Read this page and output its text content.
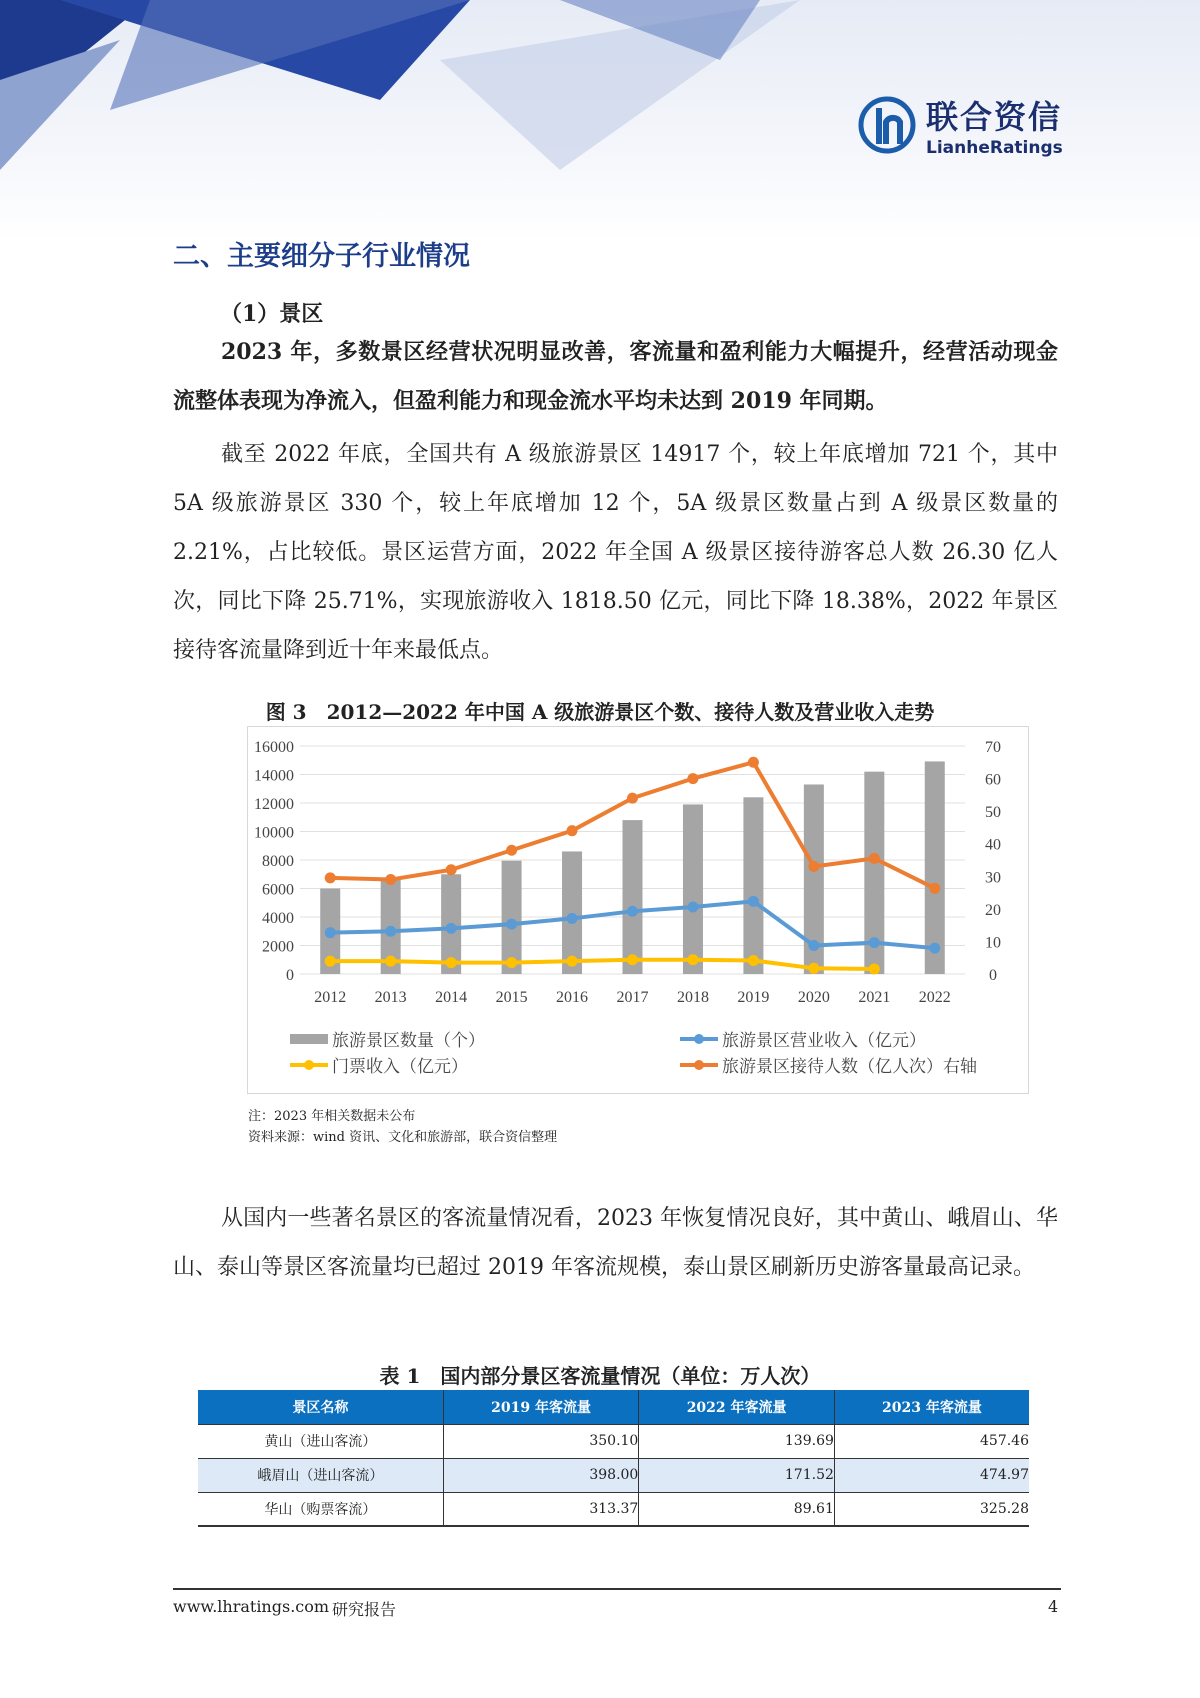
联合资信
LianheRatings
二、主要细分子行业情况
（1）景区
2023 年，多数景区经营状况明显改善，客流量和盈利能力大幅提升，经营活动现金流整体表现为净流入，但盈利能力和现金流水平均未达到 2019 年同期。
截至 2022 年底，全国共有 A 级旅游景区 14917 个，较上年底增加 721 个，其中 5A 级旅游景区 330 个，较上年底增加 12 个，5A 级景区数量占到 A 级景区数量的 2.21%，占比较低。景区运营方面，2022 年全国 A 级景区接待游客总人数 26.30 亿人次，同比下降 25.71%，实现旅游收入 1818.50 亿元，同比下降 18.38%，2022 年景区接待客流量降到近十年来最低点。
图 3　2012—2022 年中国 A 级旅游景区个数、接待人数及营业收入走势
0
2000
4000
6000
8000
10000
12000
14000
16000
0
10
20
30
40
50
60
70
2012 2013 2014 2015 2016 2017 2018 2019 2020 2021 2022
旅游景区数量（个）	旅游景区营业收入（亿元）
门票收入（亿元）	旅游景区接待人数（亿人次）右轴
注：2023 年相关数据未公布
资料来源：wind 资讯、文化和旅游部，联合资信整理
从国内一些著名景区的客流量情况看，2023 年恢复情况良好，其中黄山、峨眉山、华山、泰山等景区客流量均已超过 2019 年客流规模，泰山景区刷新历史游客量最高记录。
表 1　国内部分景区客流量情况（单位：万人次）
景区名称	2019 年客流量	2022 年客流量	2023 年客流量
黄山（进山客流）	350.10	139.69	457.46
峨眉山（进山客流）	398.00	171.52	474.97
华山（购票客流）	313.37	89.61	325.28
www.lhratings.com 研究报告	4
